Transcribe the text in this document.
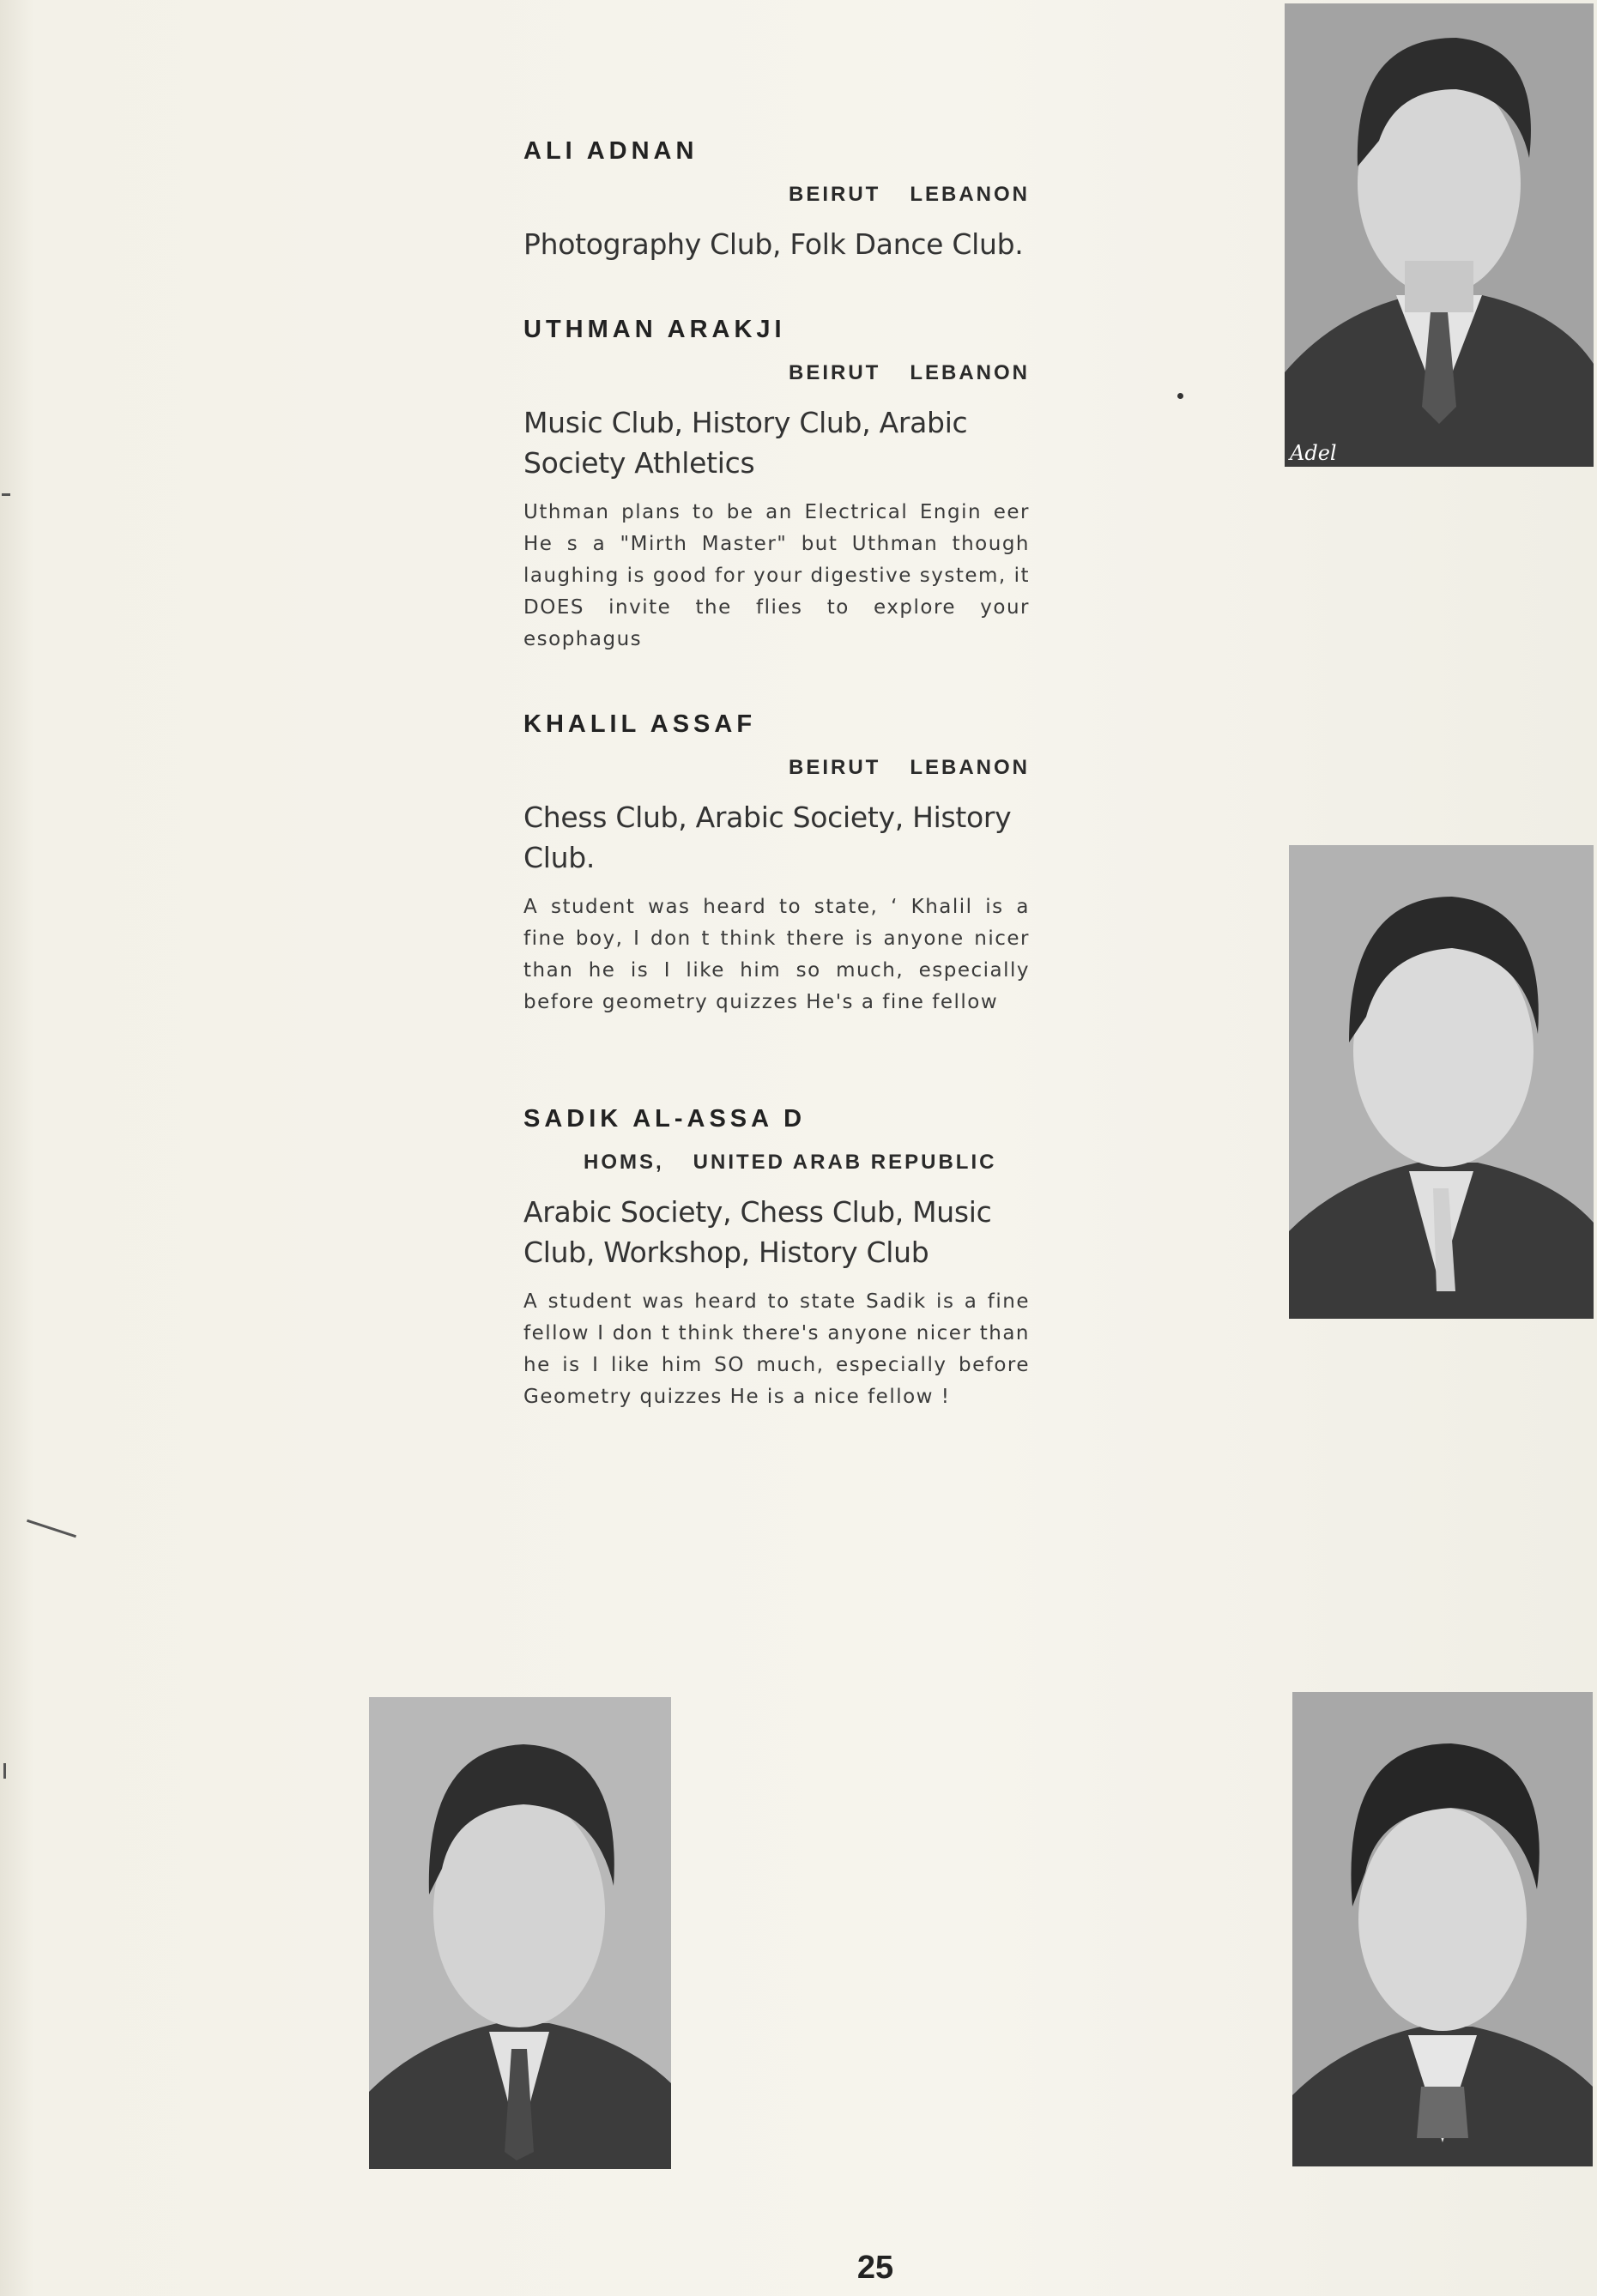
ALI ADNAN
BEIRUT LEBANON
Photography Club, Folk Dance Club.
UTHMAN ARAKJI
BEIRUT LEBANON
Music Club, History Club, Arabic Society Athletics
Uthman plans to be an Electrical Engin eer He s a "Mirth Master" but Uthman though laughing is good for your digestive system, it DOES invite the flies to explore your esophagus
KHALIL ASSAF
BEIRUT LEBANON
Chess Club, Arabic Society, History Club.
A student was heard to state, ‘ Khalil is a fine boy, I don t think there is anyone nicer than he is I like him so much, especially before geometry quizzes He's a fine fellow
SADIK AL-ASSA D
HOMS, UNITED ARAB REPUBLIC
Arabic Society, Chess Club, Music Club, Workshop, History Club
A student was heard to state Sadik is a fine fellow I don t think there's anyone nicer than he is I like him SO much, especially before Geometry quizzes He is a nice fellow !
Adel
25
